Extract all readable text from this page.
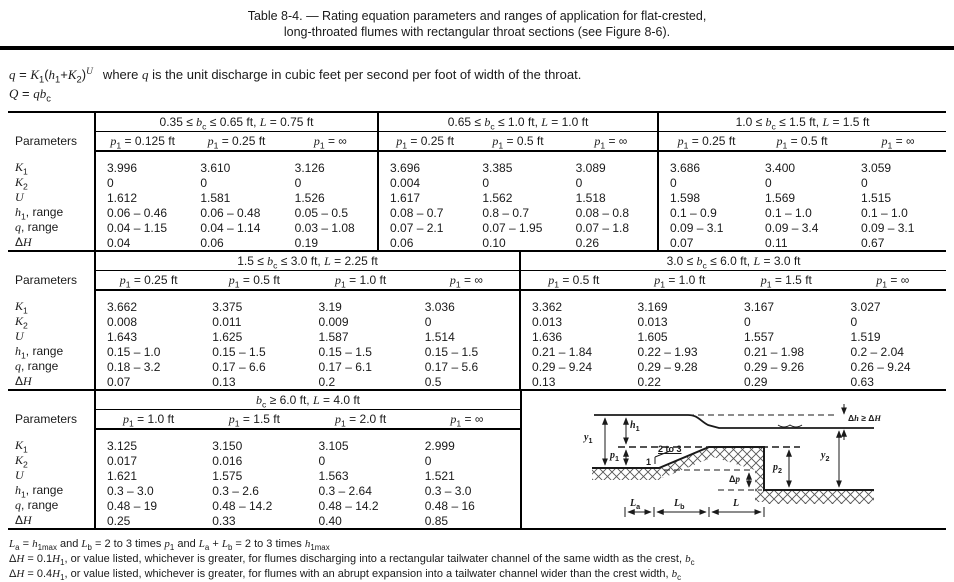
Table 8-4. — Rating equation parameters and ranges of application for flat-crested,
long-throated flumes with rectangular throat sections (see Figure 8-6).
$q = K_1(h_1+K_2)^U$  where q is the unit discharge in cubic feet per second per foot of width of the throat.
$Q = qb_c$
Parameters	$0.35 \le b_c \le 0.65$ ft, L = 0.75 ft			$0.65 \le b_c \le 1.0$ ft, L = 1.0 ft			$1.0 \le b_c \le 1.5$ ft, L = 1.5 ft		
	$p_1 = 0.125$ ft	$p_1 = 0.25$ ft	$p_1$ = ∞	$p_1 = 0.25$ ft	$p_1 = 0.5$ ft	$p_1$ = ∞	$p_1 = 0.25$ ft	$p_1 = 0.5$ ft	$p_1$ = ∞
$K_1$	3.996	3.610	3.126	3.696	3.385	3.089	3.686	3.400	3.059
$K_2$	0	0	0	0.004	0	0	0	0	0
U	1.612	1.581	1.526	1.617	1.562	1.518	1.598	1.569	1.515
$h_1$, range	0.06 – 0.46	0.06 – 0.48	0.05 – 0.5	0.08 – 0.7	0.8 – 0.7	0.08 – 0.8	0.1 – 0.9	0.1 – 1.0	0.1 – 1.0
q, range	0.04 – 1.15	0.04 – 1.14	0.03 – 1.08	0.07 – 2.1	0.07 – 1.95	0.07 – 1.8	0.09 – 3.1	0.09 – 3.4	0.09 – 3.1
ΔH	0.04	0.06	0.19	0.06	0.10	0.26	0.07	0.11	0.67
Parameters	$1.5 \le b_c \le 3.0$ ft, L = 2.25 ft				$3.0 \le b_c \le 6.0$ ft, L = 3.0 ft			
	$p_1 = 0.25$ ft	$p_1 = 0.5$ ft	$p_1 = 1.0$ ft	$p_1$ = ∞	$p_1 = 0.5$ ft	$p_1 = 1.0$ ft	$p_1 = 1.5$ ft	$p_1$ = ∞
$K_1$	3.662	3.375	3.19	3.036	3.362	3.169	3.167	3.027
$K_2$	0.008	0.011	0.009	0	0.013	0.013	0	0
U	1.643	1.625	1.587	1.514	1.636	1.605	1.557	1.519
$h_1$, range	0.15 – 1.0	0.15 – 1.5	0.15 – 1.5	0.15 – 1.5	0.21 – 1.84	0.22 – 1.93	0.21 – 1.98	0.2 – 2.04
q, range	0.18 – 3.2	0.17 – 6.6	0.17 – 6.1	0.17 – 5.6	0.29 – 9.24	0.29 – 9.28	0.29 – 9.26	0.26 – 9.24
ΔH	0.07	0.13	0.2	0.5	0.13	0.22	0.29	0.63
Parameters	$b_c \ge 6.0$ ft, L = 4.0 ft			
	$p_1 = 1.0$ ft	$p_1 = 1.5$ ft	$p_1 = 2.0$ ft	$p_1$ = ∞
$K_1$	3.125	3.150	3.105	2.999
$K_2$	0.017	0.016	0	0
U	1.621	1.575	1.563	1.521
$h_1$, range	0.3 – 3.0	0.3 – 2.6	0.3 – 2.64	0.3 – 3.0
q, range	0.48 – 19	0.48 – 14.2	0.48 – 14.2	0.48 – 16
ΔH	0.25	0.33	0.40	0.85
Δh ≥ ΔH
$y_1$
$h_1$
$p_1$
2 to 3
1
Δp
$p_2$
$y_2$
$L_a$	$L_b$	L
$L_a = h_{1max}$ and $L_b = 2$ to 3 times $p_1$ and $L_a + L_b = 2$ to 3 times $h_{1max}$
$\Delta H = 0.1H_1$, or value listed, whichever is greater, for flumes discharging into a rectangular tailwater channel of the same width as the crest, $b_c$
$\Delta H = 0.4H_1$, or value listed, whichever is greater, for flumes with an abrupt expansion into a tailwater channel wider than the crest width, $b_c$
